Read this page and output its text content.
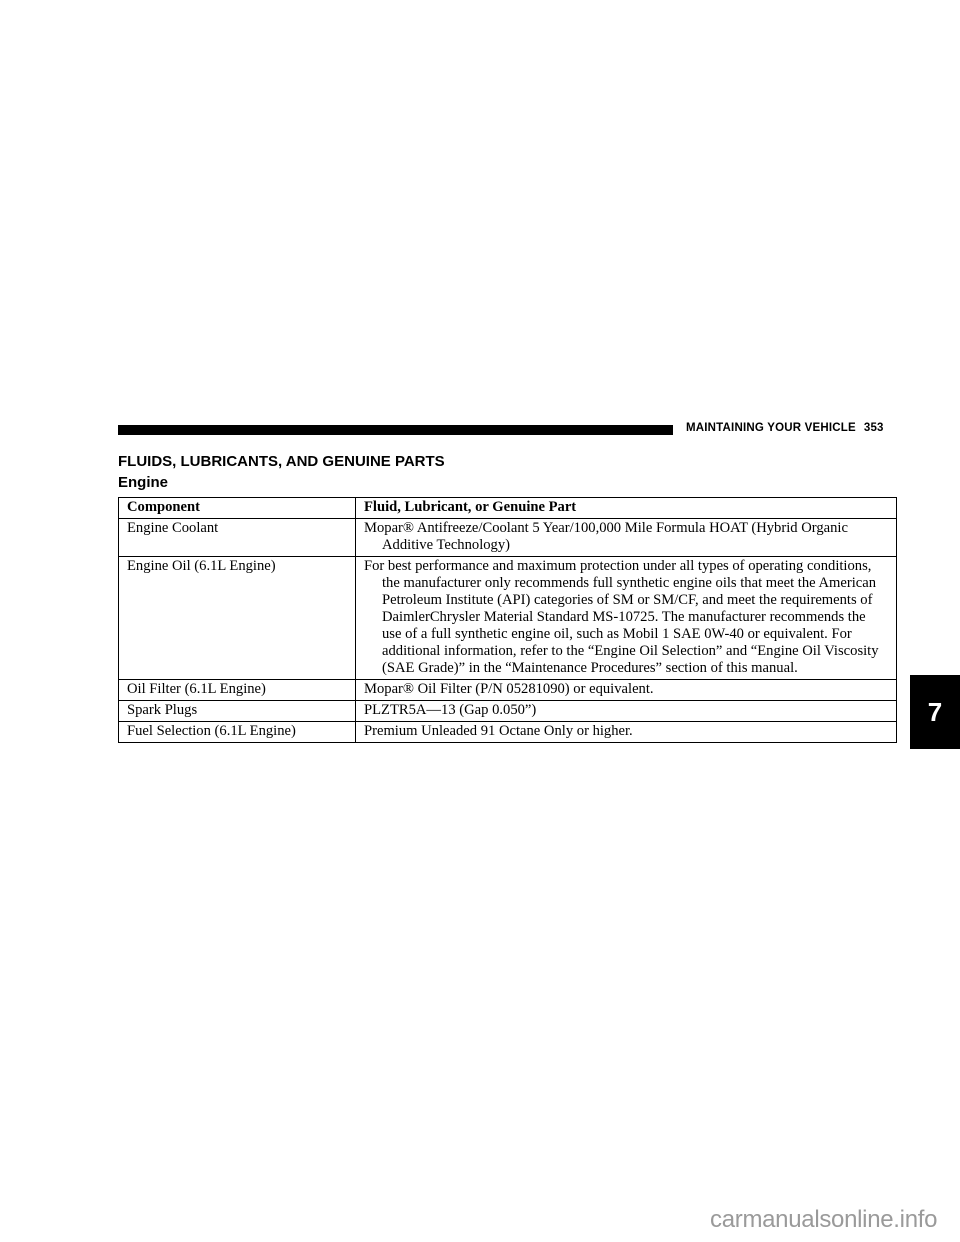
MAINTAINING YOUR VEHICLE 353
FLUIDS, LUBRICANTS, AND GENUINE PARTS
Engine
Component	Fluid, Lubricant, or Genuine Part
Engine Coolant	Mopar® Antifreeze/Coolant 5 Year/100,000 Mile Formula HOAT (Hybrid Organic Additive Technology)

Engine Oil (6.1L Engine)	For best performance and maximum protection under all types of operating conditions, the manufacturer only recommends full synthetic engine oils that meet the American Petroleum Institute (API) categories of SM or SM/CF, and meet the requirements of DaimlerChrysler Material Standard MS-10725. The manufacturer recommends the use of a full synthetic engine oil, such as Mobil 1 SAE 0W-40 or equivalent. For additional information, refer to the “Engine Oil Selection” and “Engine Oil Viscosity (SAE Grade)” in the “Maintenance Procedures” section of this manual.

Oil Filter (6.1L Engine)	Mopar® Oil Filter (P/N 05281090) or equivalent.

Spark Plugs	PLZTR5A—13 (Gap 0.050”)

Fuel Selection (6.1L Engine)	Premium Unleaded 91 Octane Only or higher.
7
carmanualsonline.info
